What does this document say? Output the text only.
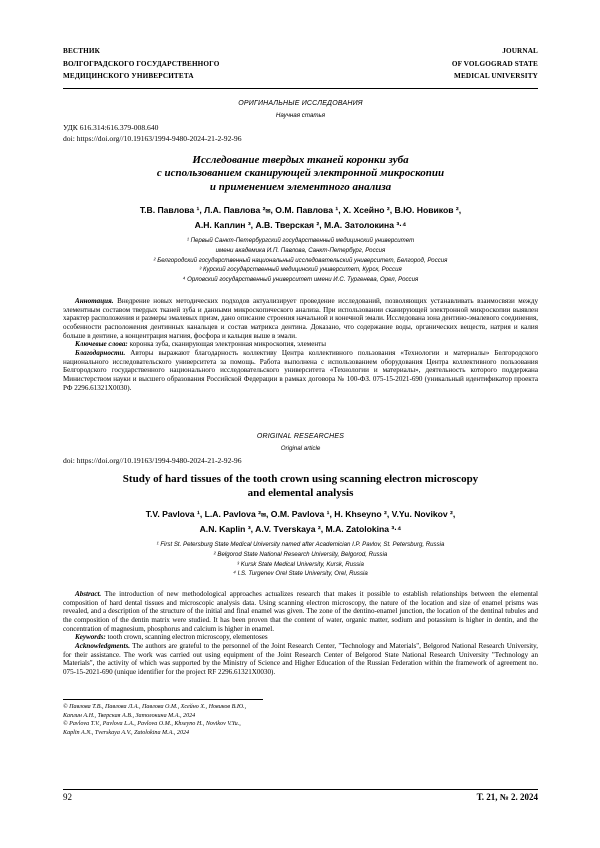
ВЕСТНИК
ВОЛГОГРАДСКОГО ГОСУДАРСТВЕННОГО
МЕДИЦИНСКОГО УНИВЕРСИТЕТА
JOURNAL
OF VOLGOGRAD STATE
MEDICAL UNIVERSITY
ОРИГИНАЛЬНЫЕ ИССЛЕДОВАНИЯ
Научная статья
УДК 616.314:616.379-008.640
doi: https://doi.org//10.19163/1994-9480-2024-21-2-92-96
Исследование твердых тканей коронки зуба
с использованием сканирующей электронной микроскопии
и применением элементного анализа
Т.В. Павлова ¹, Л.А. Павлова ²✉, О.М. Павлова ¹, Х. Хсейно ², В.Ю. Новиков ²,
А.Н. Каплин ³, А.В. Тверская ², М.А. Затолокина ³·⁴
¹ Первый Санкт-Петербургский государственный медицинский университет
имени академика И.П. Павлова, Санкт-Петербург, Россия
² Белгородский государственный национальный исследовательский университет, Белгород, Россия
³ Курский государственный медицинский университет, Курск, Россия
⁴ Орловский государственный университет имени И.С. Тургенева, Орел, Россия

Аннотация. Внедрение новых методических подходов актуализирует проведение исследований, позволяющих устанавливать взаимосвязи между элементным составом твердых тканей зуба и данными микроскопического анализа. При использовании сканирующей электронной микроскопии выявлен характер расположения и размеры эмалевых призм, дано описание строения начальной и конечной эмали. Исследована зона дентино-эмалевого соединения, особенности расположения дентинных канальцев и состав матрикса дентина. Доказано, что содержание воды, органических веществ, натрия и калия больше в дентине, а концентрация магния, фосфора и кальция выше в эмали.

Ключевые слова: коронка зуба, сканирующая электронная микроскопия, элементы

Благодарности. Авторы выражают благодарность коллективу Центра коллективного пользования «Технологии и материалы» Белгородского национального исследовательского университета за помощь. Работа выполнена с использованием оборудования Центра коллективного пользования Белгородского государственного национального исследовательского университета «Технологии и материалы», деятельность которого поддержана Министерством науки и высшего образования Российской Федерации в рамках договора № 100-ФЗ. 075-15-2021-690 (уникальный идентификатор проекта РФ 2296.61321X0030).

ORIGINAL RESEARCHES
Original article
doi: https://doi.org//10.19163/1994-9480-2024-21-2-92-96
Study of hard tissues of the tooth crown using scanning electron microscopy
and elemental analysis
T.V. Pavlova ¹, L.A. Pavlova ²✉, O.M. Pavlova ¹, H. Khseyno ², V.Yu. Novikov ²,
A.N. Kaplin ³, A.V. Tverskaya ², M.A. Zatolokina ³·⁴
¹ First St. Petersburg State Medical University named after Academician I.P. Pavlov, St. Petersburg, Russia
² Belgorod State National Research University, Belgorod, Russia
³ Kursk State Medical University, Kursk, Russia
⁴ I.S. Turgenev Orel State University, Orel, Russia

Abstract. The introduction of new methodological approaches actualizes research that makes it possible to establish relationships between the elemental composition of hard dental tissues and microscopic analysis data. Using scanning electron microscopy, the nature of the location and size of enamel prisms was revealed, and a description of the structure of the initial and final enamel was given. The zone of the dentino-enamel junction, the location of the dentinal tubules and the composition of the dentin matrix were studied. It has been proven that the content of water, organic matter, sodium and potassium is higher in dentin, and the concentration of magnesium, phosphorus and calcium is higher in enamel.

Keywords: tooth crown, scanning electron microscopy, elementoses

Acknowledgments. The authors are grateful to the personnel of the Joint Research Center, "Technology and Materials", Belgorod National Research University, for their assistance. The work was carried out using equipment of the Joint Research Center of Belgorod State National Research University "Technology an Materials", the activity of which was supported by the Ministry of Science and Higher Education of the Russian Federation within the framework of agreement no. 075-15-2021-690 (unique identifier for the project RF 2296.61321X0030).

© Павлова Т.В., Павлова Л.А., Павлова О.М., Хсейно Х., Новиков В.Ю.,
Каплин А.Н., Тверская А.В., Затолокина М.А., 2024
© Pavlova T.V., Pavlova L.A., Pavlova O.M., Khseyno H., Novikov V.Yu.,
Kaplin A.N., Tverskaya A.V., Zatolokina M.A., 2024
92	Т. 21, № 2. 2024
